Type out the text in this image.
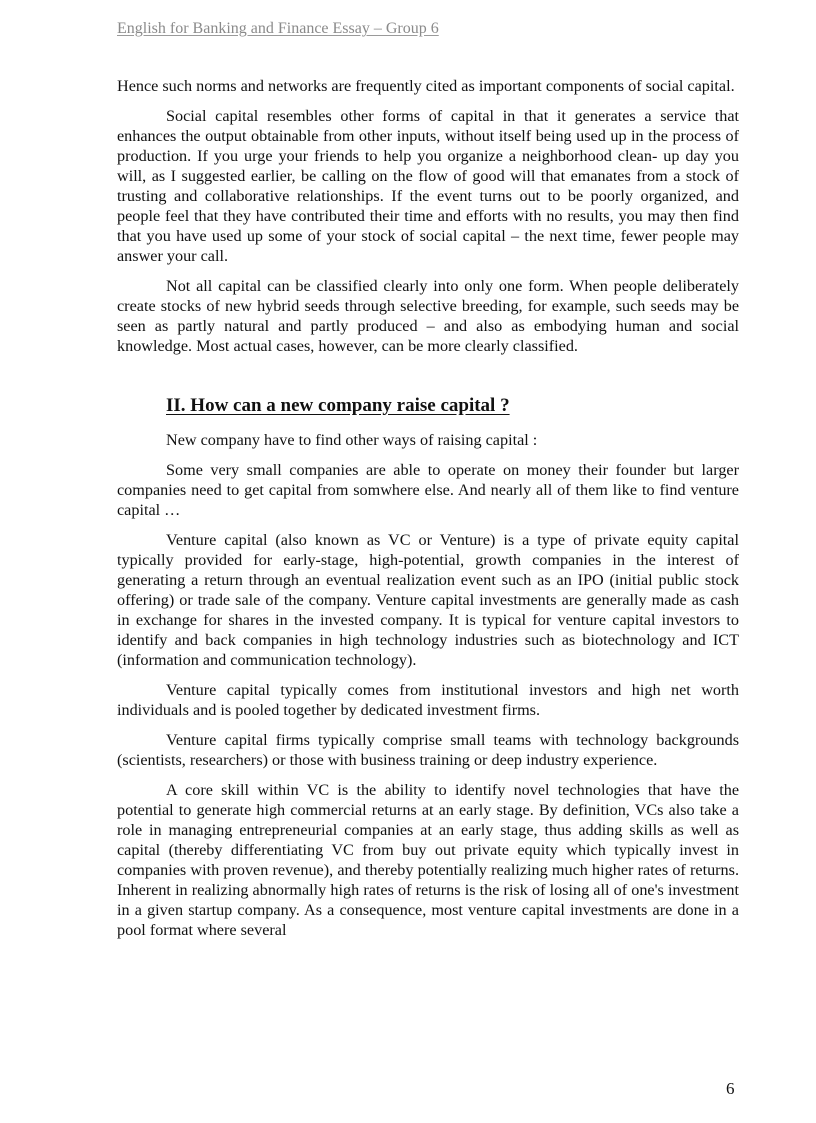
English for Banking and Finance Essay – Group 6

Hence such norms and networks are frequently cited as important components of social capital.

Social capital resembles other forms of capital in that it generates a service that enhances the output obtainable from other inputs, without itself being used up in the process of production. If you urge your friends to help you organize a neighborhood clean- up day you will, as I suggested earlier, be calling on the flow of good will that emanates from a stock of trusting and collaborative relationships. If the event turns out to be poorly organized, and people feel that they have contributed their time and efforts with no results, you may then find that you have used up some of your stock of social capital – the next time, fewer people may answer your call.

Not all capital can be classified clearly into only one form. When people deliberately create stocks of new hybrid seeds through selective breeding, for example, such seeds may be seen as partly natural and partly produced – and also as embodying human and social knowledge. Most actual cases, however, can be more clearly classified.

II. How can a new company raise capital ?

New company have to find other ways of raising capital :

Some very small companies are able to operate on money their founder but larger companies need to get capital from somwhere else. And nearly all of them like to find venture capital …

Venture capital (also known as VC or Venture) is a type of private equity capital typically provided for early-stage, high-potential, growth companies in the interest of generating a return through an eventual realization event such as an IPO (initial public stock offering) or trade sale of the company. Venture capital investments are generally made as cash in exchange for shares in the invested company. It is typical for venture capital investors to identify and back companies in high technology industries such as biotechnology and ICT (information and communication technology).

Venture capital typically comes from institutional investors and high net worth individuals and is pooled together by dedicated investment firms.

Venture capital firms typically comprise small teams with technology backgrounds (scientists, researchers) or those with business training or deep industry experience.

A core skill within VC is the ability to identify novel technologies that have the potential to generate high commercial returns at an early stage. By definition, VCs also take a role in managing entrepreneurial companies at an early stage, thus adding skills as well as capital (thereby differentiating VC from buy out private equity which typically invest in companies with proven revenue), and thereby potentially realizing much higher rates of returns. Inherent in realizing abnormally high rates of returns is the risk of losing all of one's investment in a given startup company. As a consequence, most venture capital investments are done in a pool format where several

6
